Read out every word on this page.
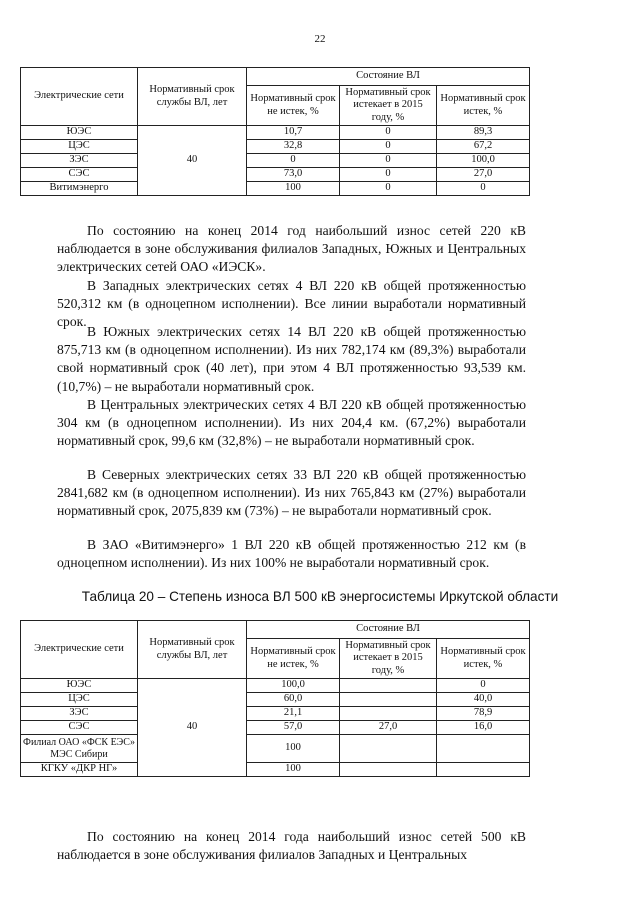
22
Электрические сети	Нормативный срок службы ВЛ, лет	Состояние ВЛ		
		Нормативный срок не истек, %	Нормативный срок истекает в 2015 году, %	Нормативный срок истек, %
ЮЭС	40	10,7	0	89,3
ЦЭС		32,8	0	67,2
ЗЭС		0	0	100,0
СЭС		73,0	0	27,0
Витимэнерго		100	0	0

По состоянию на конец 2014 год наибольший износ сетей 220 кВ наблюдается в зоне обслуживания филиалов Западных, Южных и Центральных электрических сетей ОАО «ИЭСК».

В Западных электрических сетях 4 ВЛ 220 кВ общей протяженностью 520,312 км (в одноцепном исполнении). Все линии выработали нормативный срок.

В Южных электрических сетях 14 ВЛ 220 кВ общей протяженностью 875,713 км (в одноцепном исполнении). Из них 782,174 км (89,3%) выработали свой нормативный срок (40 лет), при этом 4 ВЛ протяженностью 93,539 км. (10,7%) – не выработали нормативный срок.

В Центральных электрических сетях 4 ВЛ 220 кВ общей протяженностью 304 км (в одноцепном исполнении). Из них 204,4 км. (67,2%) выработали нормативный срок, 99,6 км (32,8%) – не выработали нормативный срок.

В Северных электрических сетях 33 ВЛ 220 кВ общей протяженностью 2841,682 км (в одноцепном исполнении). Из них 765,843 км (27%) выработали нормативный срок, 2075,839 км (73%) – не выработали нормативный срок.

В ЗАО «Витимэнерго» 1 ВЛ 220 кВ общей протяженностью 212 км (в одноцепном исполнении). Из них 100% не выработали нормативный срок.

Таблица 20 – Степень износа ВЛ 500 кВ энергосистемы Иркутской области
Электрические сети	Нормативный срок службы ВЛ, лет	Состояние ВЛ		
		Нормативный срок не истек, %	Нормативный срок истекает в 2015 году, %	Нормативный срок истек, %
ЮЭС	40	100,0		0
ЦЭС		60,0		40,0
ЗЭС		21,1		78,9
СЭС		57,0	27,0	16,0
Филиал ОАО «ФСК ЕЭС» МЭС Сибири		100		
КГКУ «ДКР НГ»		100		

По состоянию на конец 2014 года наибольший износ сетей 500 кВ наблюдается в зоне обслуживания филиалов Западных и Центральных
